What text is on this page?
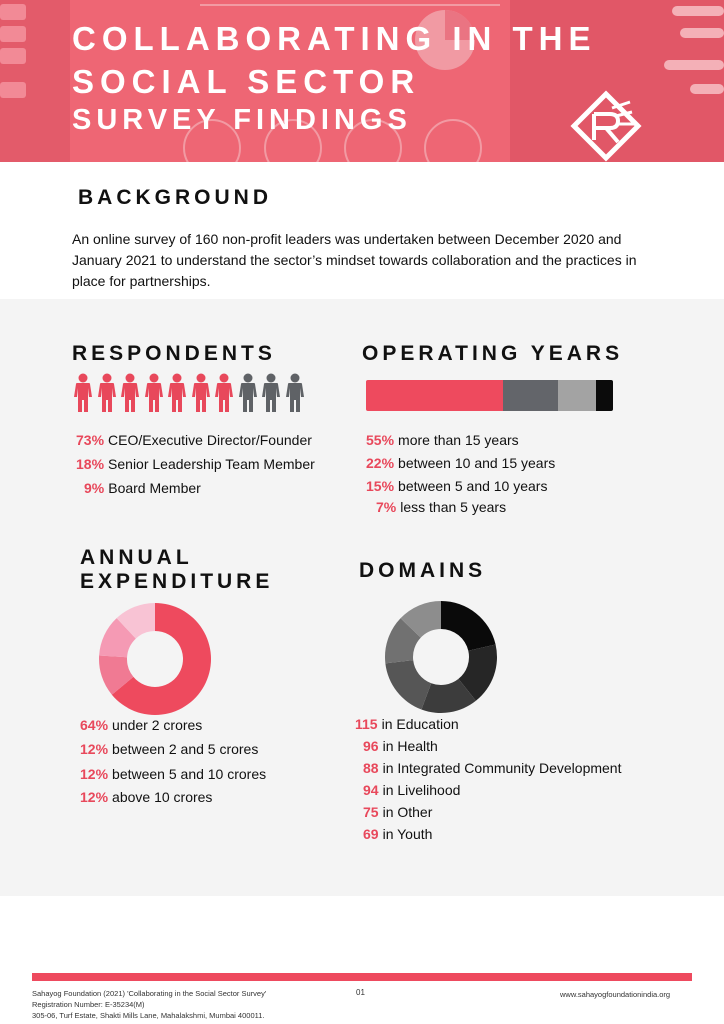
COLLABORATING IN THE
SOCIAL SECTOR
SURVEY FINDINGS
BACKGROUND

An online survey of 160 non-profit leaders was undertaken between December 2020 and January 2021 to understand the sector’s mindset towards collaboration and the practices in place for partnerships.

RESPONDENTS
73% CEO/Executive Director/Founder
18% Senior Leadership Team Member
9% Board Member
OPERATING YEARS
55% more than 15 years
22% between 10 and 15 years
15% between 5 and 10 years
7% less than 5 years
ANNUAL
EXPENDITURE
64% under 2 crores
12% between 2 and 5 crores
12% between 5 and 10 crores
12% above 10 crores
DOMAINS
115 in Education
96 in Health
88 in Integrated Community Development
94 in Livelihood
75 in Other
69 in Youth
Sahayog Foundation (2021) 'Collaborating in the Social Sector Survey'
Registration Number: E-35234(M)
305-06, Turf Estate, Shakti Mills Lane, Mahalakshmi, Mumbai 400011.
01	www.sahayogfoundationindia.org
